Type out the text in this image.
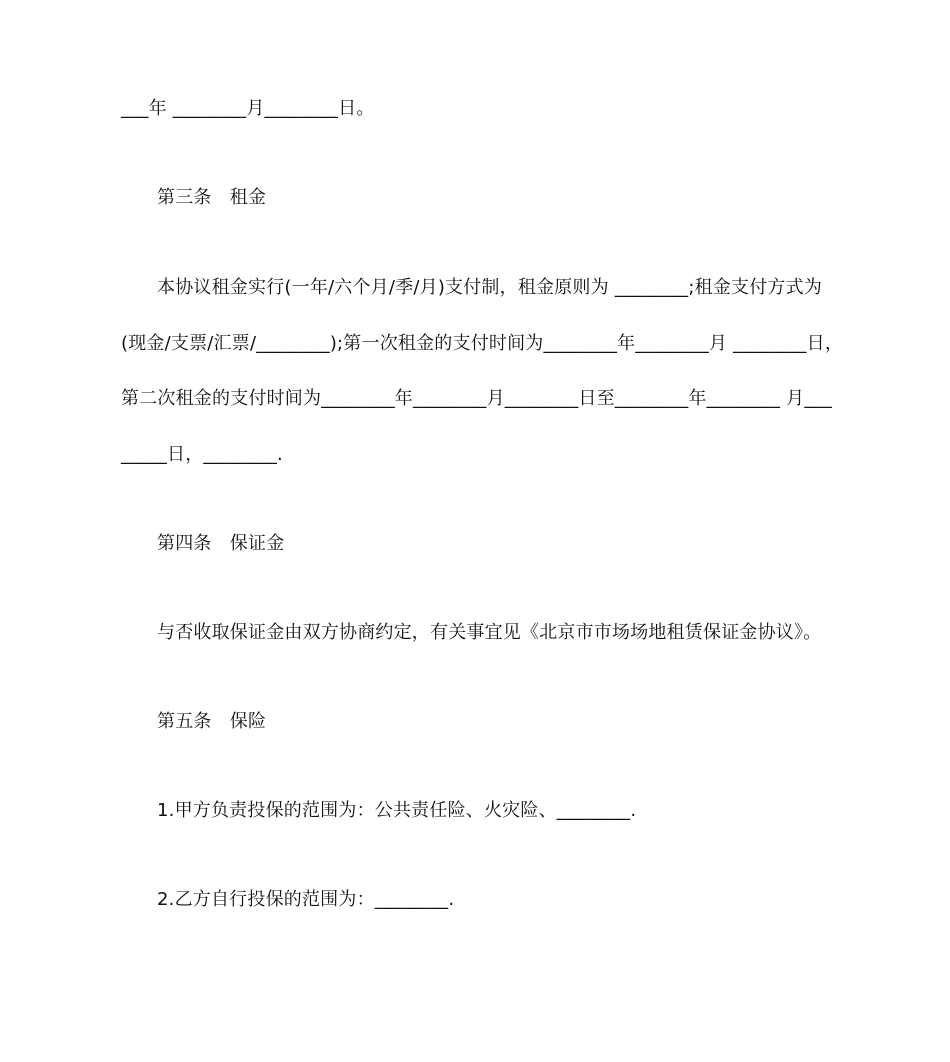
___年 ________月________日。
第三条　租金
本协议租金实行(一年/六个月/季/月)支付制，租金原则为 ________;租金支付方式为
(现金/支票/汇票/________);第一次租金的支付时间为________年________月 ________日，
第二次租金的支付时间为________年________月________日至________年________ 月___
_____日，________.
第四条　保证金
与否收取保证金由双方协商约定，有关事宜见《北京市市场场地租赁保证金协议》。
第五条　保险
1.甲方负责投保的范围为：公共责任险、火灾险、________.
2.乙方自行投保的范围为：________.
